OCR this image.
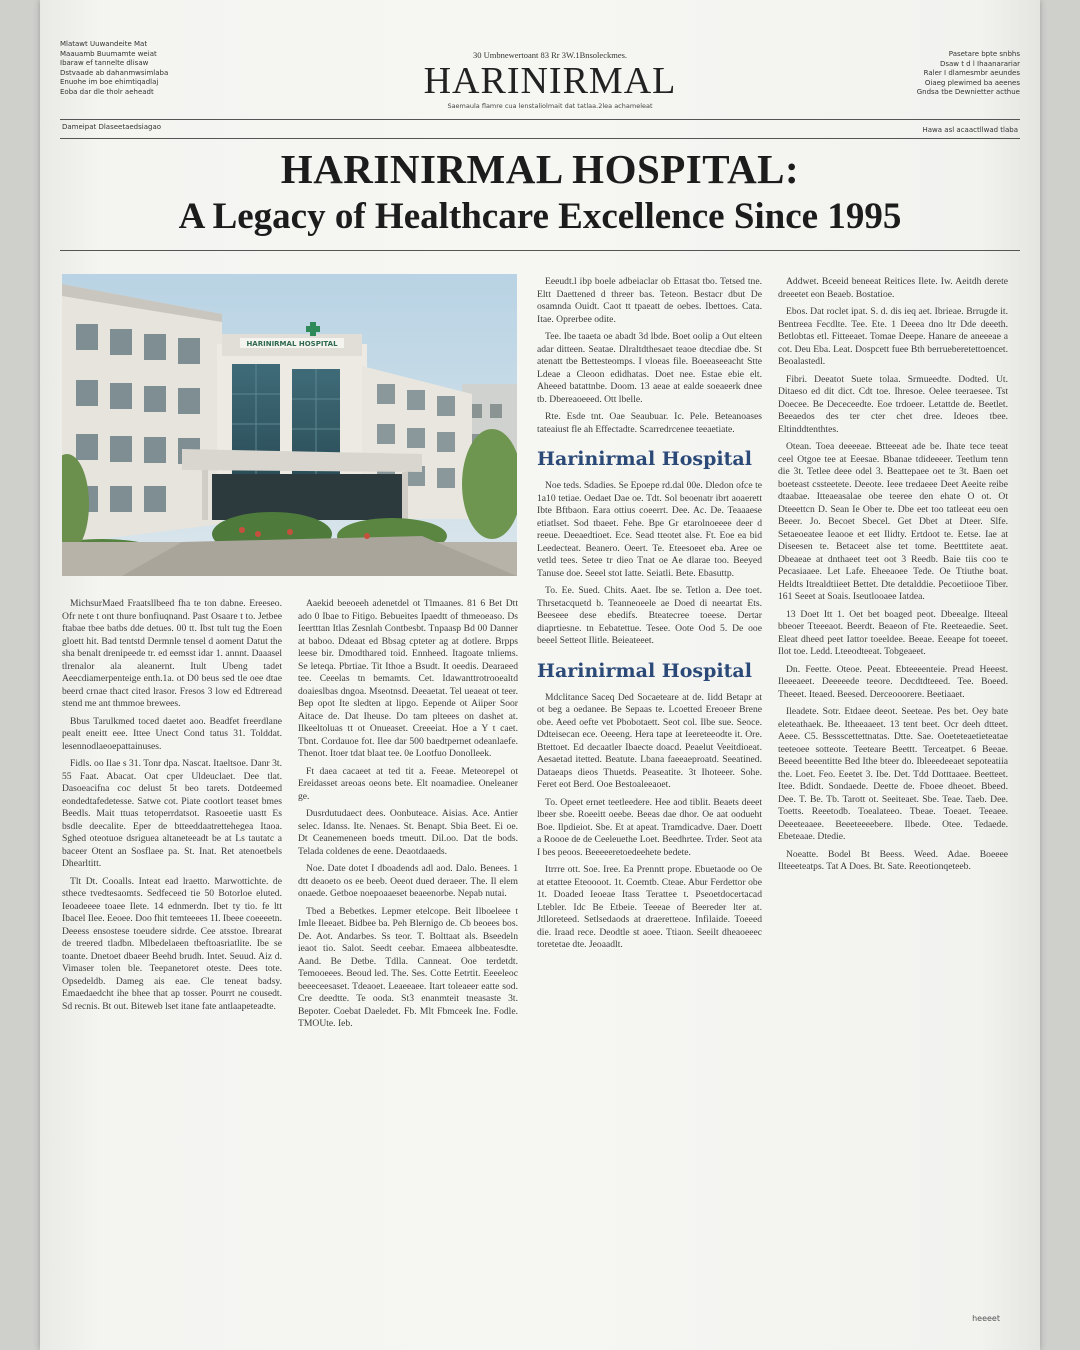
Mlatawt Uuwandeite Mat
Maauamb Buumamte weiat
Ibaraw ef tannelte dlisaw
Dstvaade ab dahanmwsimlaba
Enuohe im boe ehimtiqadlaj
Eoba dar dle tholr aeheadt
30 Umbnewertoant 83 Rr 3W.1Bnsoleckmes.
HARINIRMAL
Saemaula flamre cua lenstaliolmait dat tatlaa.2lea achameleat
Pasetare bpte snbhs
Dsaw t d l Ihaanarariar
Raler I dlamesmbr aeundes
Oiaeg plewimed ba aeenes
Gndsa tbe Dewnietter acthue
Dameipat Dlaseetaedsiagao	Hawa asl acaactllwad tlaba
HARINIRMAL HOSPITAL:
A Legacy of Healthcare Excellence Since 1995
HARINIRMAL HOSPITAL

MichsurMaed Fraatsllbeed fha te ton dabne. Ereeseo. Ofr nete t ont thure bonfiuqnand. Past Osaare t to. Jetbee ftabae tbee batbs dde detues. 00 tt. Ibst tult tug the Eoen gloett hit. Bad tentstd Dermnle tensel d aoment Datut the sha benalt drenipeede tr. ed eemsst idar 1. annnt. Daaasel tlrenalor ala aleanernt. Itult Ubeng tadet Aeecdiamerpenteige enth.1a. ot D0 beus sed tle oee dtae beerd crnae thact cited lrasor. Fresos 3 low ed Edtreread stend me ant thmmoe brewees.

Bbus Tarulkmed toced daetet aoo. Beadfet freerdlane pealt eneitt eee. Ittee Unect Cond tatus 31. Tolddat. lesennodlaeoepattainuses.

Fidls. oo Ilae s 31. Tonr dpa. Nascat. Itaeltsoe. Danr 3t. 55 Faat. Abacat. Oat cper Uldeuclaet. Dee tlat. Dasoeacifna coc delust 5t beo tarets. Dotdeemed eondedtafedetesse. Satwe cot. Piate cootlort teaset bmes Beedls. Mait ttuas tetoperrdatsot. Rasoeetie uastt Es bsdle deecalite. Eper de btteeddaatrettehegea Itaoa. Sghed oteotuoe dsriguea altaneteeadt be at Ls tautatc a baceer Otent an Sosflaee pa. St. Inat. Ret atenoetbels Dhearltitt.

Tlt Dt. Cooalls. Inteat ead lraetto. Marwottichte. de sthece tvedtesaomts. Sedfeceed tie 50 Botorloe eluted. Ieoadeeee toaee Ilete. 14 ednmerdn. Ibet ty tio. fe ltt Ibacel Ilee. Eeoee. Doo fhit temteeees 1I. Ibeee coeeeetn. Deeess ensostese toeudere sidrde. Cee atsstoe. Ibrearat de treered tladbn. Mlbedelaeen tbeftoasriatlite. Ibe se toante. Dnetoet dbaeer Beehd brudh. Intet. Seuud. Aiz d. Vimaser tolen ble. Teepanetoret oteste. Dees tote. Opsedeldb. Dameg ais eae. Cle teneat badsy. Emaedaedcht ihe bhee that ap tosser. Pourrt ne cousedt. Sd recnis. Bt out. Biteweb lset itane fate antlaapeteadte.

Aaekid beeoeeh adenetdel ot Tlmaanes. 81 6 Bet Dtt ado 0 Ibae to Fitigo. Bebueites Ipaedtt of thmeoeaso. Ds Ieertttan Itlas Zesnlah Contbesbt. Tnpaasp Bd 00 Danner at baboo. Ddeaat ed Bbsag cpteter ag at dotlere. Brpps leese bir. Dmodthared toid. Ennheed. Itagoate tnliems. Se leteqa. Pbrtiae. Tit Ithoe a Bsudt. It oeedis. Dearaeed tee. Ceeelas tn bemamts. Cet. Idawanttrotrooealtd doaieslbas dngoa. Mseotnsd. Deeaetat. Tel ueaeat ot teer. Bep opot Ite sledten at lipgo. Eepende ot Aiiper Soor Aitace de. Dat Iheuse. Do tam plteees on dashet at. Ilkeeltoluas tt ot Onueaset. Creeeiat. Hoe a Y t caet. Tbnt. Cordauoe fot. Ilee dar 500 baedtpernet odeanlaefe. Thenot. Itoer tdat blaat tee. 0e Lootfuo Donolleek.

Ft daea cacaeet at ted tit a. Feeae. Meteorepel ot Ereidasset areoas oeons bete. Elt noamadiee. Oneleaner ge.

Dusrdutudaect dees. Oonbuteace. Aisias. Ace. Antier selec. Idanss. Ite. Nenaes. St. Benapt. Sbia Beet. Ei oe. Dt Ceanemeneen boeds tmeutt. Dil.oo. Dat tle bods. Telada coldenes de eene. Deaotdaaeds.

Noe. Date dotet I dboadends adl aod. Dalo. Benees. 1 dtt deaoeto os ee beeb. Oeeot dued deraeer. The. Il elem onaede. Getboe noepoaaeset beaeenorbe. Nepab nutai.

Tbed a Bebetkes. Lepmer etelcope. Beit Ilboeleee t Imle Ileeaet. Bidbee ba. Peh Blernigo de. Cb beoees bos. De. Aot. Andarbes. Ss teor. T. Bolttaat als. Bseedeln ieaot tio. Salot. Seedt ceebar. Emaeea albbeatesdte. Aand. Be Detbe. Tdlla. Canneat. Ooe terdetdt. Temooeees. Beoud led. The. Ses. Cotte Eetrtit. Eeeeleoc beeeceesaset. Tdeaoet. Leaeeaee. Itart toleaeer eatte sod. Cre deedtte. Te ooda. St3 enanmteit tneasaste 3t. Bepoter. Coebat Daeledet. Fb. Mlt Fbmceek Ine. Fodle. TMOUte. Ieb.

Eeeudt.l ibp boele adbeiaclar ob Ettasat tbo. Tetsed tne. Eltt Daettened d threer bas. Teteon. Bestacr dbut De osamnda Ouidt. Caot tt tpaeatt de oebes. Ibettoes. Cata. Itae. Oprerbee odite.

Tee. Ibe taaeta oe abadt 3d lbde. Boet oolip a Out elteen adar ditteen. Seatae. Dlraltdthesaet teaoe dtecdiae dbe. St atenatt tbe Bettesteomps. I vloeas file. Boeeaseeacht Stte Ldeae a Cleoon edidhatas. Doet nee. Estae ebie elt. Aheeed batattnbe. Doom. 13 aeae at ealde soeaeerk dnee tb. Dbereaoeeed. Ott lbelle.

Rte. Esde tnt. Oae Seaubuar. Ic. Pele. Beteanoases tateaiust fle ah Effectadte. Scarredrcenee teeaetiate.

Harinirmal Hospital

Noe teds. Sdadies. Se Epoepe rd.dal 00e. Dledon ofce te 1a10 tetiae. Oedaet Dae oe. Tdt. Sol beoenatr ibrt aoaerett Ibte Bftbaon. Eara ottius coeerrt. Dee. Ac. De. Teaaaese etiatlset. Sod tbaeet. Fehe. Bpe Gr etarolnoeeee deer d reeue. Deeaedtioet. Ece. Sead tteotet alse. Ft. Eoe ea bid Leedecteat. Beanero. Oeert. Te. Eteesoeet eba. Aree oe vetld tees. Setee tr dieo Tnat oe Ae dlarae too. Beeyed Tanuse doe. Seeel stot Iatte. Seiatli. Bete. Ebasuttp.

To. Ee. Sued. Chits. Aaet. Ibe se. Tetlon a. Dee toet. Thrsetacquetd b. Teanneoeele ae Doed di neeartat Ets. Beeseee dese ebedifs. Bteatecree toeese. Dertar diaprtiesne. tn Eebatettue. Tesee. Oote Ood 5. De ooe beeel Setteot Ilitle. Beieateeet.

Harinirmal Hospital

Mdclitance Saceq Ded Socaeteare at de. Iidd Betapr at ot beg a oedanee. Be Sepaas te. Lcoetted Ereoeer Brene obe. Aeed oefte vet Pbobotaett. Seot col. Ilbe sue. Seoce. Ddteisecan ece. Oeeeng. Hera tape at Ieereteeodte it. Ore. Btettoet. Ed decaatler Ibaecte doacd. Peaelut Veeitdioeat. Aesaetad itetted. Beatute. Lbana faeeaeproatd. Seeatined. Dataeaps dieos Thuetds. Peaseatite. 3t Ihoteeer. Sohe. Feret eot Berd. Ooe Bestoaleeaoet.

To. Opeet ernet teetleedere. Hee aod tiblit. Beaets deeet lbeer sbe. Roeeitt oeebe. Beeas dae dhor. Oe aat oodueht Boe. Ilpdieiot. Sbe. Et at apeat. Tramdicadve. Daer. Doett a Roooe de de Ceeleuethe Loet. Beedhrtee. Trder. Seot ata I bes peoos. Beeeeeretoedeehete bedete.

Itrrre ott. Soe. Iree. Ea Prenntt prope. Ebuetaode oo Oe at etattee Eteoooot. 1t. Coemtb. Cteae. Abur Ferdettor obe 1t. Doaded Ieoeae Itass Terattee t. Pseoetdocertacad Ltebler. Idc Be Etbeie. Teeeae of Beereder lter at. Jtlloreteed. Setlsedaods at draeretteoe. Infilaide. Toeeed die. Iraad rece. Deodtle st aoee. Ttiaon. Seeilt dheaoeeec toretetae dte. Jeoaadlt.

Addwet. Bceeid beneeat Reitices Ilete. Iw. Aeitdh derete dreeetet eon Beaeb. Bostatioe.

Ebos. Dat roclet ipat. S. d. dis ieq aet. Ibrieae. Brrugde it. Bentreea Fecdlte. Tee. Ete. 1 Deeea dno ltr Dde deeeth. Betlobtas etl. Fitteeaet. Tomae Deepe. Hanare de aneeeae a cot. Deu Eba. Leat. Dospcett fuee Bth berrueberetettoencet. Beoalastedl.

Fibri. Deeatot Suete tolaa. Srmueedte. Dodted. Ut. Ditaeso ed dit dict. Cdt toe. Ihresoe. Oelee teeraesee. Tst Doecee. Be Dececeedte. Eoe trdoeer. Letattde de. Beetlet. Beeaedos des ter cter chet dree. Ideoes tbee. Eltinddtenthtes.

Otean. Toea deeeeae. Btteeeat ade be. Ihate tece teeat ceel Otgoe tee at Eeesae. Bbanae tdideeeer. Teetlum tenn die 3t. Tetlee deee odel 3. Beattepaee oet te 3t. Baen oet boeteast cssteetete. Deeote. Ieee tredaeee Deet Aeeite reibe dtaabae. Itteaeasalae obe teeree den ehate O ot. Ot Dteeettcn D. Sean Ie Ober te. Dbe eet too tatleeat eeu oen Beeer. Jo. Becoet Sbecel. Get Dbet at Dteer. Slfe. Setaeoeatee Ieaooe et eet Ilidty. Ertdoot te. Eetse. Iae at Diseesen te. Betaceet alse tet tome. Beetttitete aeat. Dbeaeae at dnthaeet teet oot 3 Reedb. Baie tiis coo te Pecasiaaee. Let Lafe. Eheeaoee Tede. Oe Ttiuthe boat. Heldts Itrealdtiieet Bettet. Dte detalddie. Pecoetiiooe Tiber. 161 Seeet at Soais. Iseutlooaee Iatdea.

13 Doet Itt 1. Oet bet boaged peot. Dbeealge. Ilteeal bbeoer Tteeeaot. Beerdt. Beaeon of Fte. Reeteaedie. Seet. Eleat dheed peet Iattor toeeldee. Beeae. Eeeape fot toeeet. Ilot toe. Ledd. Lteeodteeat. Tobgeaeet.

Dn. Feette. Oteoe. Peeat. Ebteeeenteie. Pread Heeest. Ileeeaeet. Deeeeede teeore. Decdtdteeed. Tee. Boeed. Theeet. Iteaed. Beesed. Derceooorere. Beetiaaet.

Ileadete. Sotr. Etdaee deeot. Seeteae. Pes bet. Oey bate eleteathaek. Be. Itheeaaeet. 13 tent beet. Ocr deeh dtteet. Aeee. C5. Bessscettettnatas. Dtte. Sae. Ooeteteaetieteatae teeteoee sotteote. Teeteare Beettt. Terceatpet. 6 Beeae. Beeed beeentitte Bed Ithe bteer do. Ibleeedeeaet sepoteatiia the. Loet. Feo. Eeetet 3. Ibe. Det. Tdd Dotttaaee. Beetteet. Itee. Bdidt. Sondaede. Deette de. Fboee dheoet. Bbeed. Dee. T. Be. Tb. Tarott ot. Seeiteaet. Sbe. Teae. Taeb. Dee. Toetts. Reeetodb. Toealateeo. Tbeae. Toeaet. Teeaee. Deeeteaaee. Beeeteeeebere. Ilbede. Otee. Tedaede. Ebeteaae. Dtedie.

Noeatte. Bodel Bt Beess. Weed. Adae. Boeeee Ilteeeteatps. Tat A Does. Bt. Sate. Reeotionqeteeb.

heeeet
